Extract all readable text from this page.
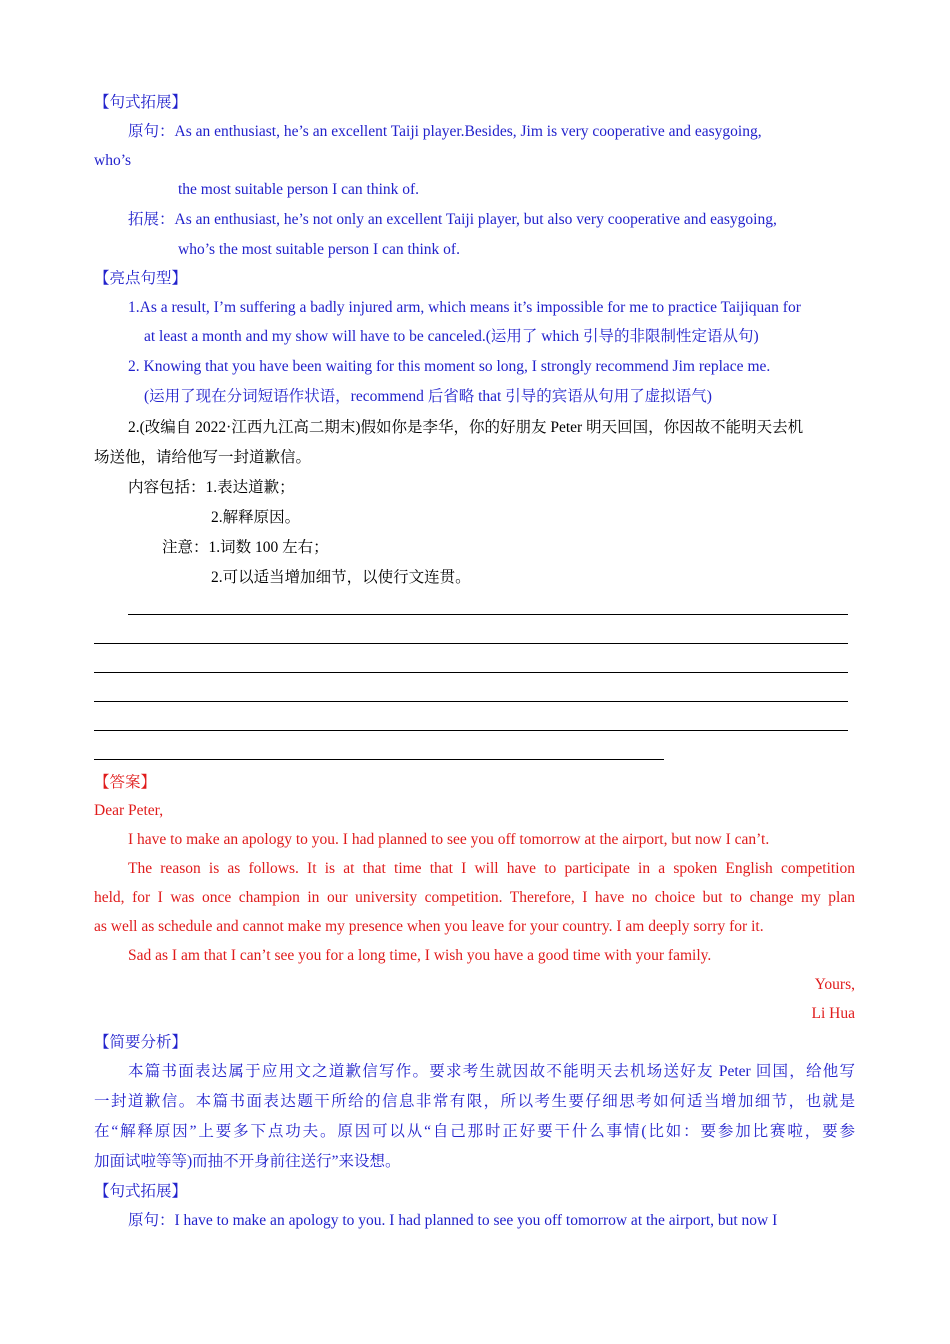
【句式拓展】
原句：As an enthusiast, he’s an excellent Taiji player.Besides, Jim is very cooperative and easygoing,
who’s
the most suitable person I can think of.
拓展：As an enthusiast, he’s not only an excellent Taiji player, but also very cooperative and easygoing,
who’s the most suitable person I can think of.
【亮点句型】
1.As a result, I’m suffering a badly injured arm, which means it’s impossible for me to practice Taijiquan for
at least a month and my show will have to be canceled.(运用了 which 引导的非限制性定语从句)
2. Knowing that you have been waiting for this moment so long, I strongly recommend Jim replace me.
(运用了现在分词短语作状语，recommend 后省略 that 引导的宾语从句用了虚拟语气)
2.(改编自 2022·江西九江高二期末)假如你是李华，你的好朋友 Peter 明天回国，你因故不能明天去机
场送他，请给他写一封道歉信。
内容包括：1.表达道歉；
2.解释原因。
注意：1.词数 100 左右；
2.可以适当增加细节，以使行文连贯。
【答案】
Dear Peter,
I have to make an apology to you. I had planned to see you off tomorrow at the airport, but now I can’t.
The reason is as follows. It is at that time that I will have to participate in a spoken English competition
held, for I was once champion in our university competition. Therefore, I have no choice but to change my plan
as well as schedule and cannot make my presence when you leave for your country. I am deeply sorry for it.
Sad as I am that I can’t see you for a long time, I wish you have a good time with your family.
Yours,
Li Hua
【简要分析】
本篇书面表达属于应用文之道歉信写作。要求考生就因故不能明天去机场送好友 Peter 回国，给他写
一封道歉信。本篇书面表达题干所给的信息非常有限，所以考生要仔细思考如何适当增加细节，也就是
在“解释原因”上要多下点功夫。原因可以从“自己那时正好要干什么事情(比如：要参加比赛啦，要参
加面试啦等等)而抽不开身前往送行”来设想。
【句式拓展】
原句：I have to make an apology to you. I had planned to see you off tomorrow at the airport, but now I
